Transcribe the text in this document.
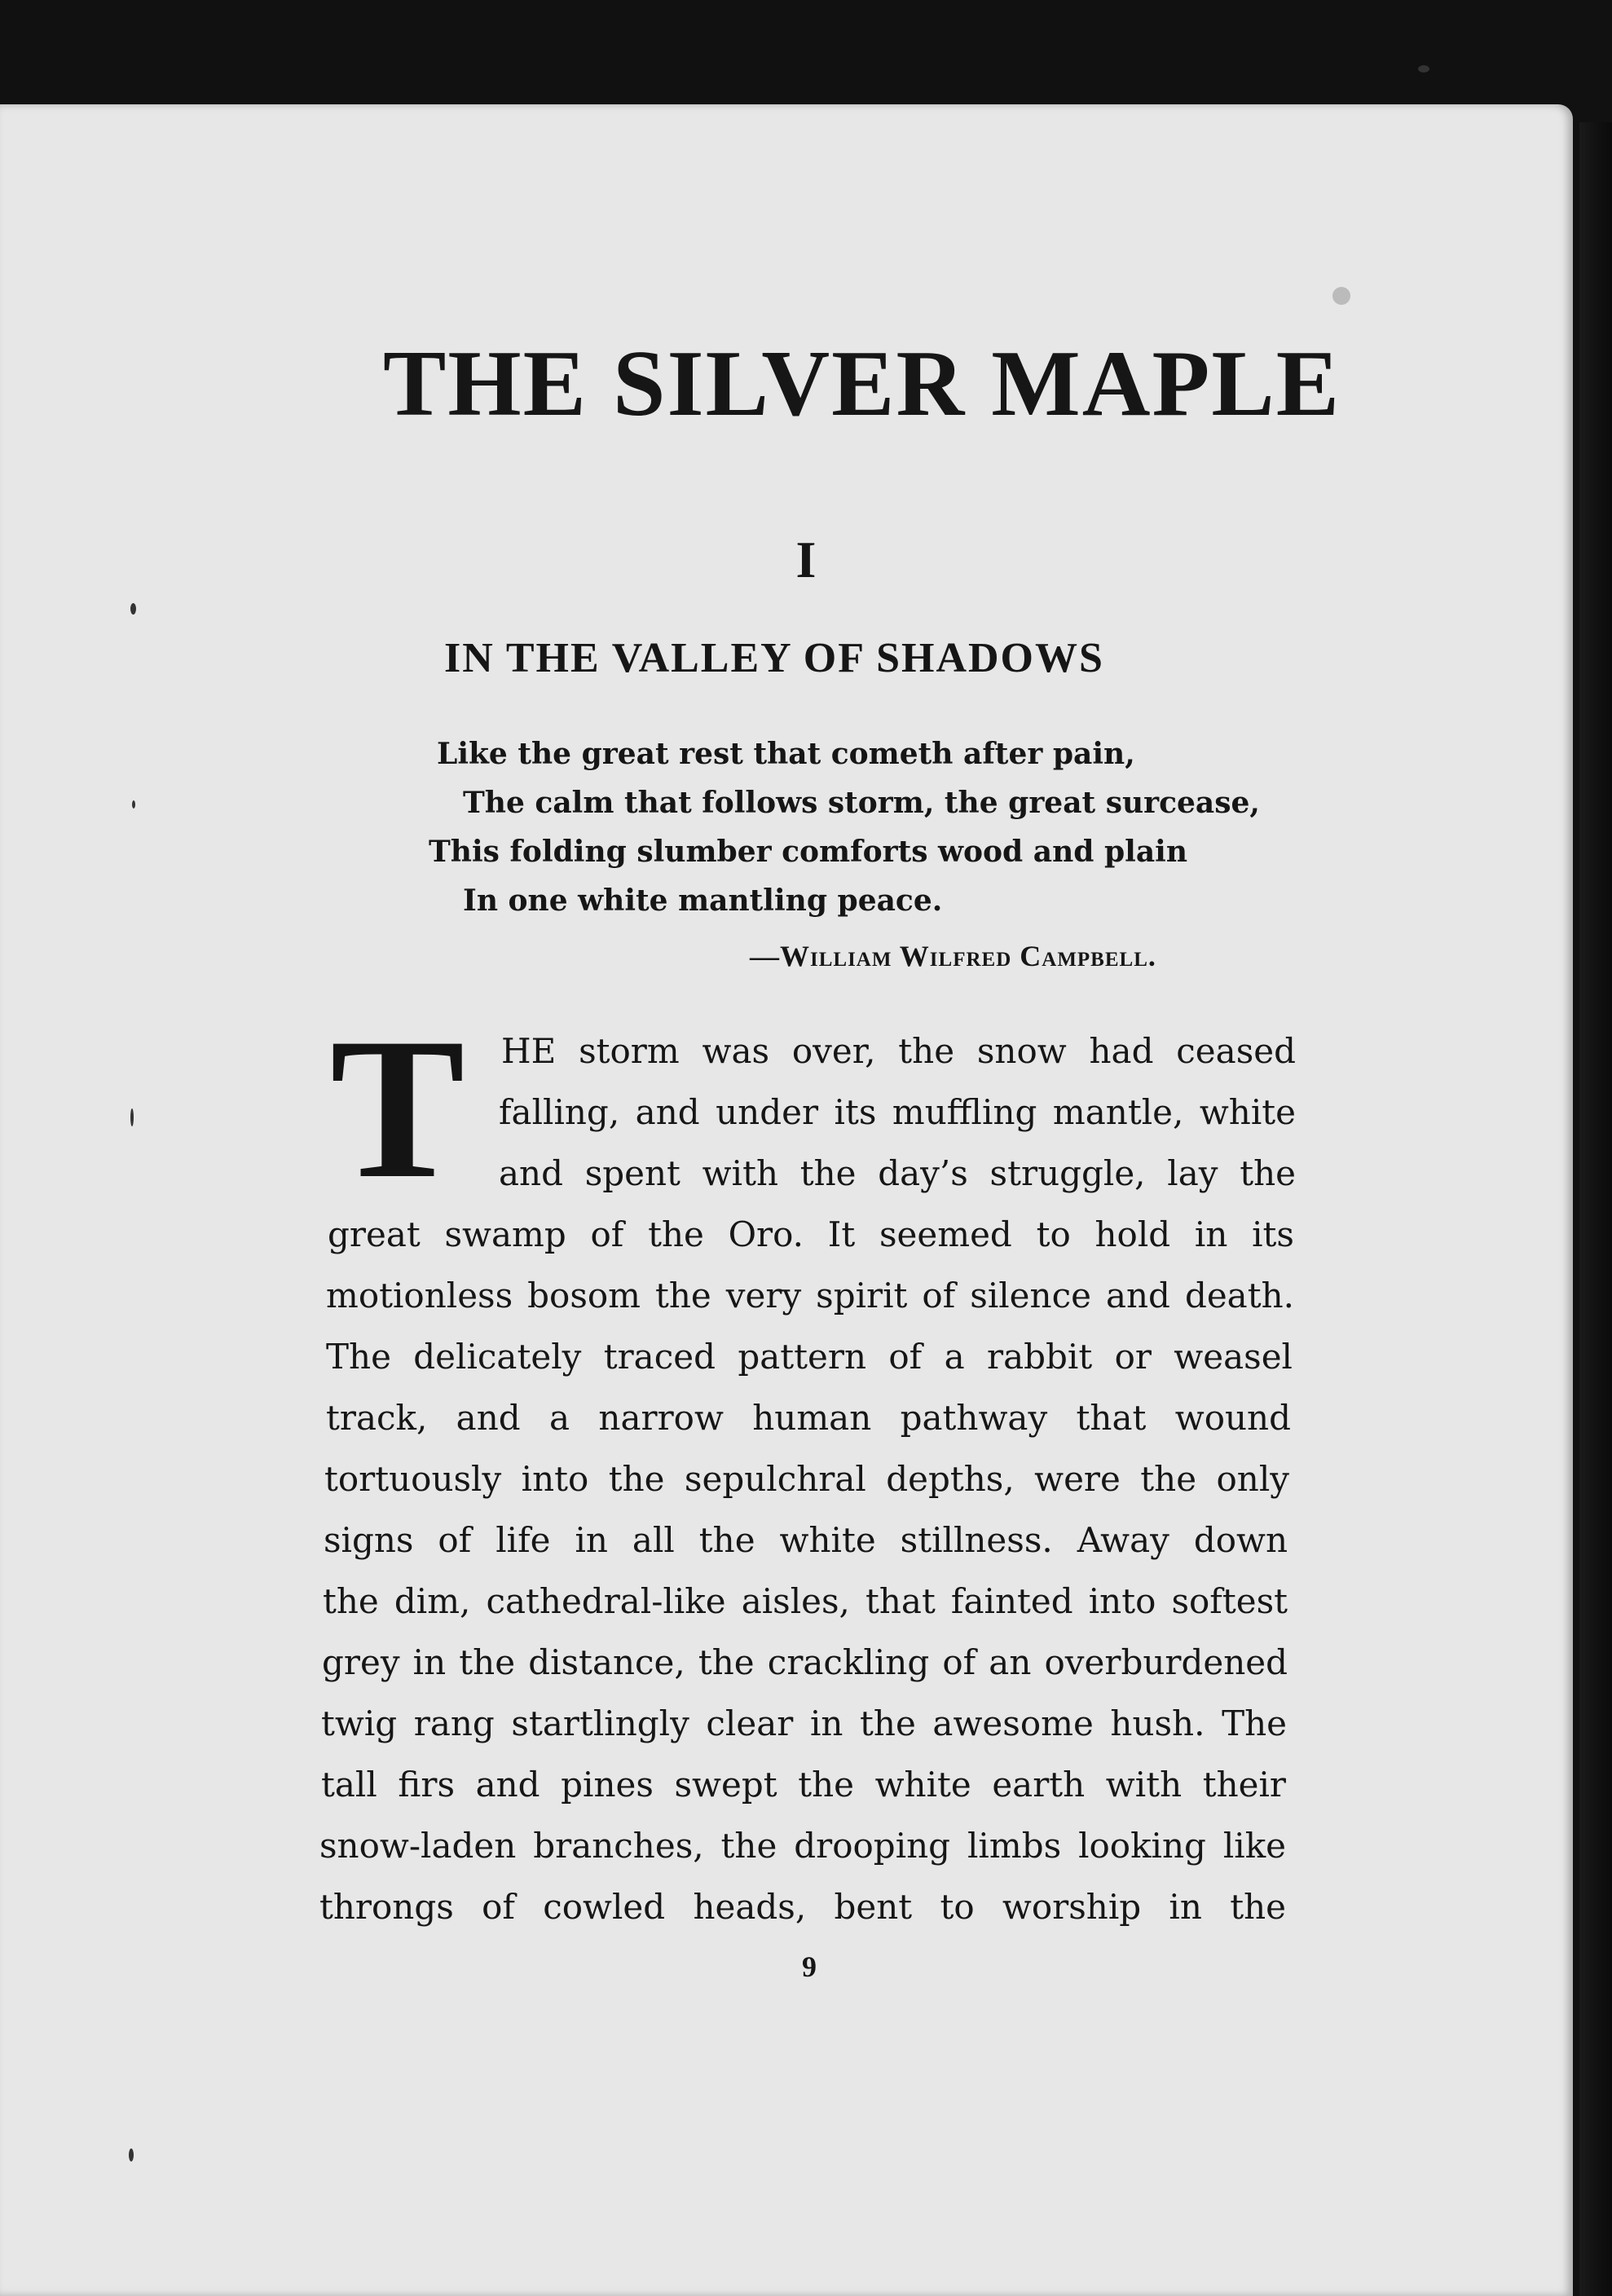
THE SILVER MAPLE
I
IN THE VALLEY OF SHADOWS
Like the great rest that cometh after pain,
The calm that follows storm, the great surcease,
This folding slumber comforts wood and plain
In one white mantling peace.
—William Wilfred Campbell.
T HE storm was over, the snow had ceased
falling, and under its muffling mantle, white
and spent with the day’s struggle, lay the
great swamp of the Oro. It seemed to hold in its
motionless bosom the very spirit of silence and death.
The delicately traced pattern of a rabbit or weasel
track, and a narrow human pathway that wound
tortuously into the sepulchral depths, were the only
signs of life in all the white stillness. Away down
the dim, cathedral-like aisles, that fainted into softest
grey in the distance, the crackling of an overburdened
twig rang startlingly clear in the awesome hush. The
tall firs and pines swept the white earth with their
snow-laden branches, the drooping limbs looking like
throngs of cowled heads, bent to worship in the
9
